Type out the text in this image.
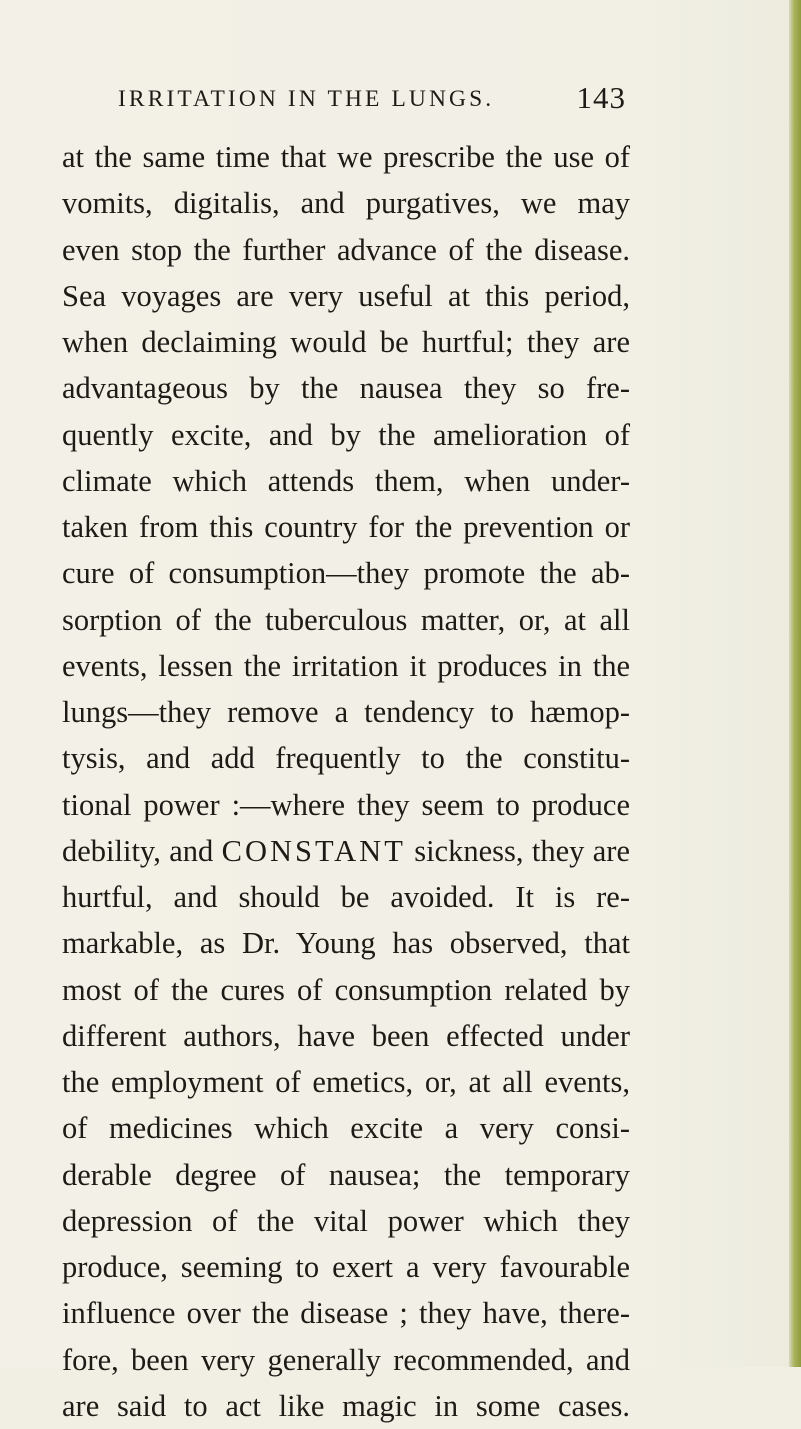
IRRITATION IN THE LUNGS.	143
at the same time that we prescribe the use of
vomits, digitalis, and purgatives, we may
even stop the further advance of the disease.
Sea voyages are very useful at this period,
when declaiming would be hurtful; they are
advantageous by the nausea they so fre-
quently excite, and by the amelioration of
climate which attends them, when under-
taken from this country for the prevention or
cure of consumption—they promote the ab-
sorption of the tuberculous matter, or, at all
events, lessen the irritation it produces in the
lungs—they remove a tendency to hæmop-
tysis, and add frequently to the constitu-
tional power :—where they seem to produce
debility, and CONSTANT sickness, they are
hurtful, and should be avoided. It is re-
markable, as Dr. Young has observed, that
most of the cures of consumption related by
different authors, have been effected under
the employment of emetics, or, at all events,
of medicines which excite a very consi-
derable degree of nausea; the temporary
depression of the vital power which they
produce, seeming to exert a very favourable
influence over the disease ; they have, there-
fore, been very generally recommended, and
are said to act like magic in some cases.
